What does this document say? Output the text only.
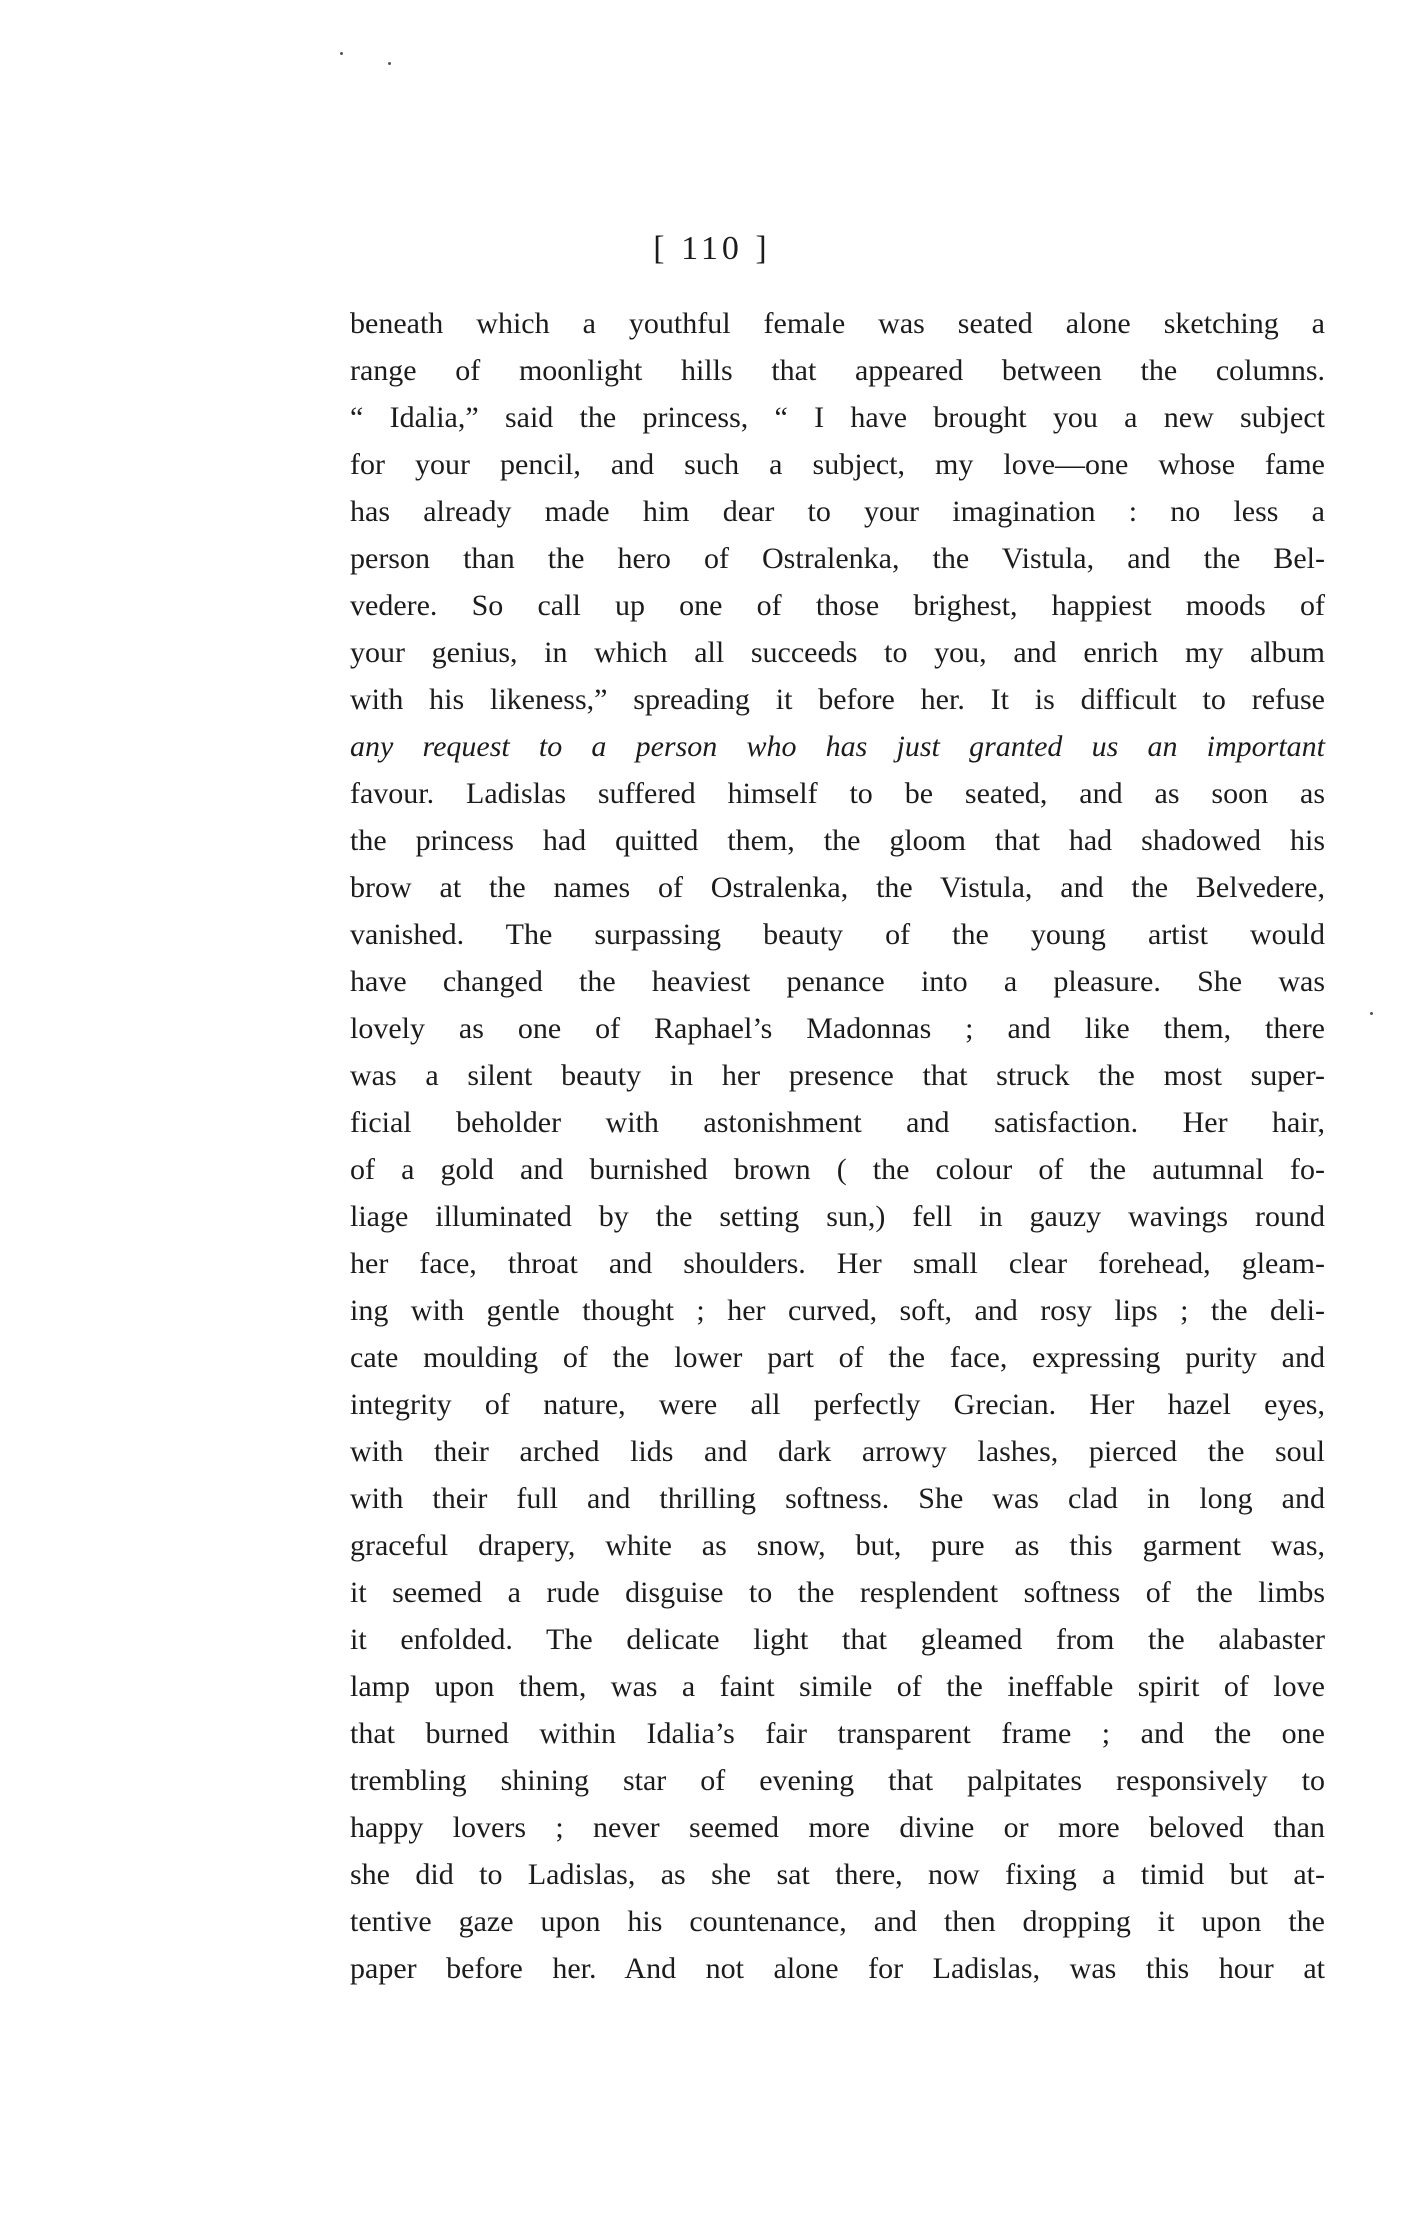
[ 110 ]
beneath which a youthful female was seated alone sketching a
range of moonlight hills that appeared between the columns.
“ Idalia,” said the princess, “ I have brought you a new subject
for your pencil, and such a subject, my love—one whose fame
has already made him dear to your imagination : no less a
person than the hero of Ostralenka, the Vistula, and the Bel-
vedere. So call up one of those brighest, happiest moods of
your genius, in which all succeeds to you, and enrich my album
with his likeness,” spreading it before her. It is difficult to refuse
any request to a person who has just granted us an important
favour. Ladislas suffered himself to be seated, and as soon as
the princess had quitted them, the gloom that had shadowed his
brow at the names of Ostralenka, the Vistula, and the Belvedere,
vanished. The surpassing beauty of the young artist would
have changed the heaviest penance into a pleasure. She was
lovely as one of Raphael’s Madonnas ; and like them, there
was a silent beauty in her presence that struck the most super-
ficial beholder with astonishment and satisfaction. Her hair,
of a gold and burnished brown ( the colour of the autumnal fo-
liage illuminated by the setting sun,) fell in gauzy wavings round
her face, throat and shoulders. Her small clear forehead, gleam-
ing with gentle thought ; her curved, soft, and rosy lips ; the deli-
cate moulding of the lower part of the face, expressing purity and
integrity of nature, were all perfectly Grecian. Her hazel eyes,
with their arched lids and dark arrowy lashes, pierced the soul
with their full and thrilling softness. She was clad in long and
graceful drapery, white as snow, but, pure as this garment was,
it seemed a rude disguise to the resplendent softness of the limbs
it enfolded. The delicate light that gleamed from the alabaster
lamp upon them, was a faint simile of the ineffable spirit of love
that burned within Idalia’s fair transparent frame ; and the one
trembling shining star of evening that palpitates responsively to
happy lovers ; never seemed more divine or more beloved than
she did to Ladislas, as she sat there, now fixing a timid but at-
tentive gaze upon his countenance, and then dropping it upon the
paper before her. And not alone for Ladislas, was this hour at
